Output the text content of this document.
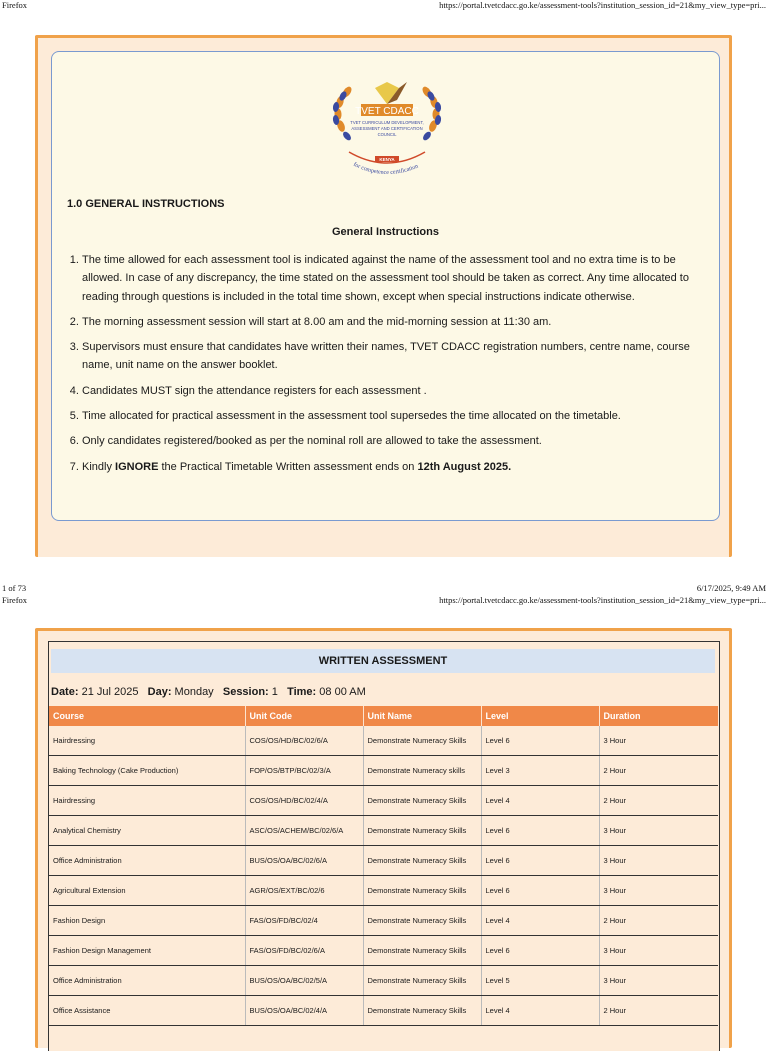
Firefox	https://portal.tvetcdacc.go.ke/assessment-tools?institution_session_id=21&my_view_type=pri...
TVET CDACC
TVET CURRICULUM DEVELOPMENT,
ASSESSMENT AND CERTIFICATION
COUNCIL
KENYA
for competence certification
1.0 GENERAL INSTRUCTIONS
General Instructions
1. The time allowed for each assessment tool is indicated against the name of the assessment tool and no extra time is to be allowed. In case of any discrepancy, the time stated on the assessment tool should be taken as correct. Any time allocated to reading through questions is included in the total time shown, except when special instructions indicate otherwise.
2. The morning assessment session will start at 8.00 am and the mid-morning session at 11:30 am.
3. Supervisors must ensure that candidates have written their names, TVET CDACC registration numbers, centre name, course name, unit name on the answer booklet.
4. Candidates MUST sign the attendance registers for each assessment .
5. Time allocated for practical assessment in the assessment tool supersedes the time allocated on the timetable.
6. Only candidates registered/booked as per the nominal roll are allowed to take the assessment.
7. Kindly IGNORE the Practical Timetable Written assessment ends on 12th August 2025.
1 of 73	6/17/2025, 9:49 AM
Firefox	https://portal.tvetcdacc.go.ke/assessment-tools?institution_session_id=21&my_view_type=pri...
WRITTEN ASSESSMENT
Date: 21 Jul 2025 Day: Monday Session: 1 Time: 08 00 AM
Course	Unit Code	Unit Name	Level	Duration
Hairdressing	COS/OS/HD/BC/02/6/A	Demonstrate Numeracy Skills	Level 6	3 Hour
Baking Technology (Cake Production)	FOP/OS/BTP/BC/02/3/A	Demonstrate Numeracy skills	Level 3	2 Hour
Hairdressing	COS/OS/HD/BC/02/4/A	Demonstrate Numeracy Skills	Level 4	2 Hour
Analytical Chemistry	ASC/OS/ACHEM/BC/02/6/A	Demonstrate Numeracy Skills	Level 6	3 Hour
Office Administration	BUS/OS/OA/BC/02/6/A	Demonstrate Numeracy Skills	Level 6	3 Hour
Agricultural Extension	AGR/OS/EXT/BC/02/6	Demonstrate Numeracy Skills	Level 6	3 Hour
Fashion Design	FAS/OS/FD/BC/02/4	Demonstrate Numeracy Skills	Level 4	2 Hour
Fashion Design Management	FAS/OS/FD/BC/02/6/A	Demonstrate Numeracy Skills	Level 6	3 Hour
Office Administration	BUS/OS/OA/BC/02/5/A	Demonstrate Numeracy Skills	Level 5	3 Hour
Office Assistance	BUS/OS/OA/BC/02/4/A	Demonstrate Numeracy Skills	Level 4	2 Hour
